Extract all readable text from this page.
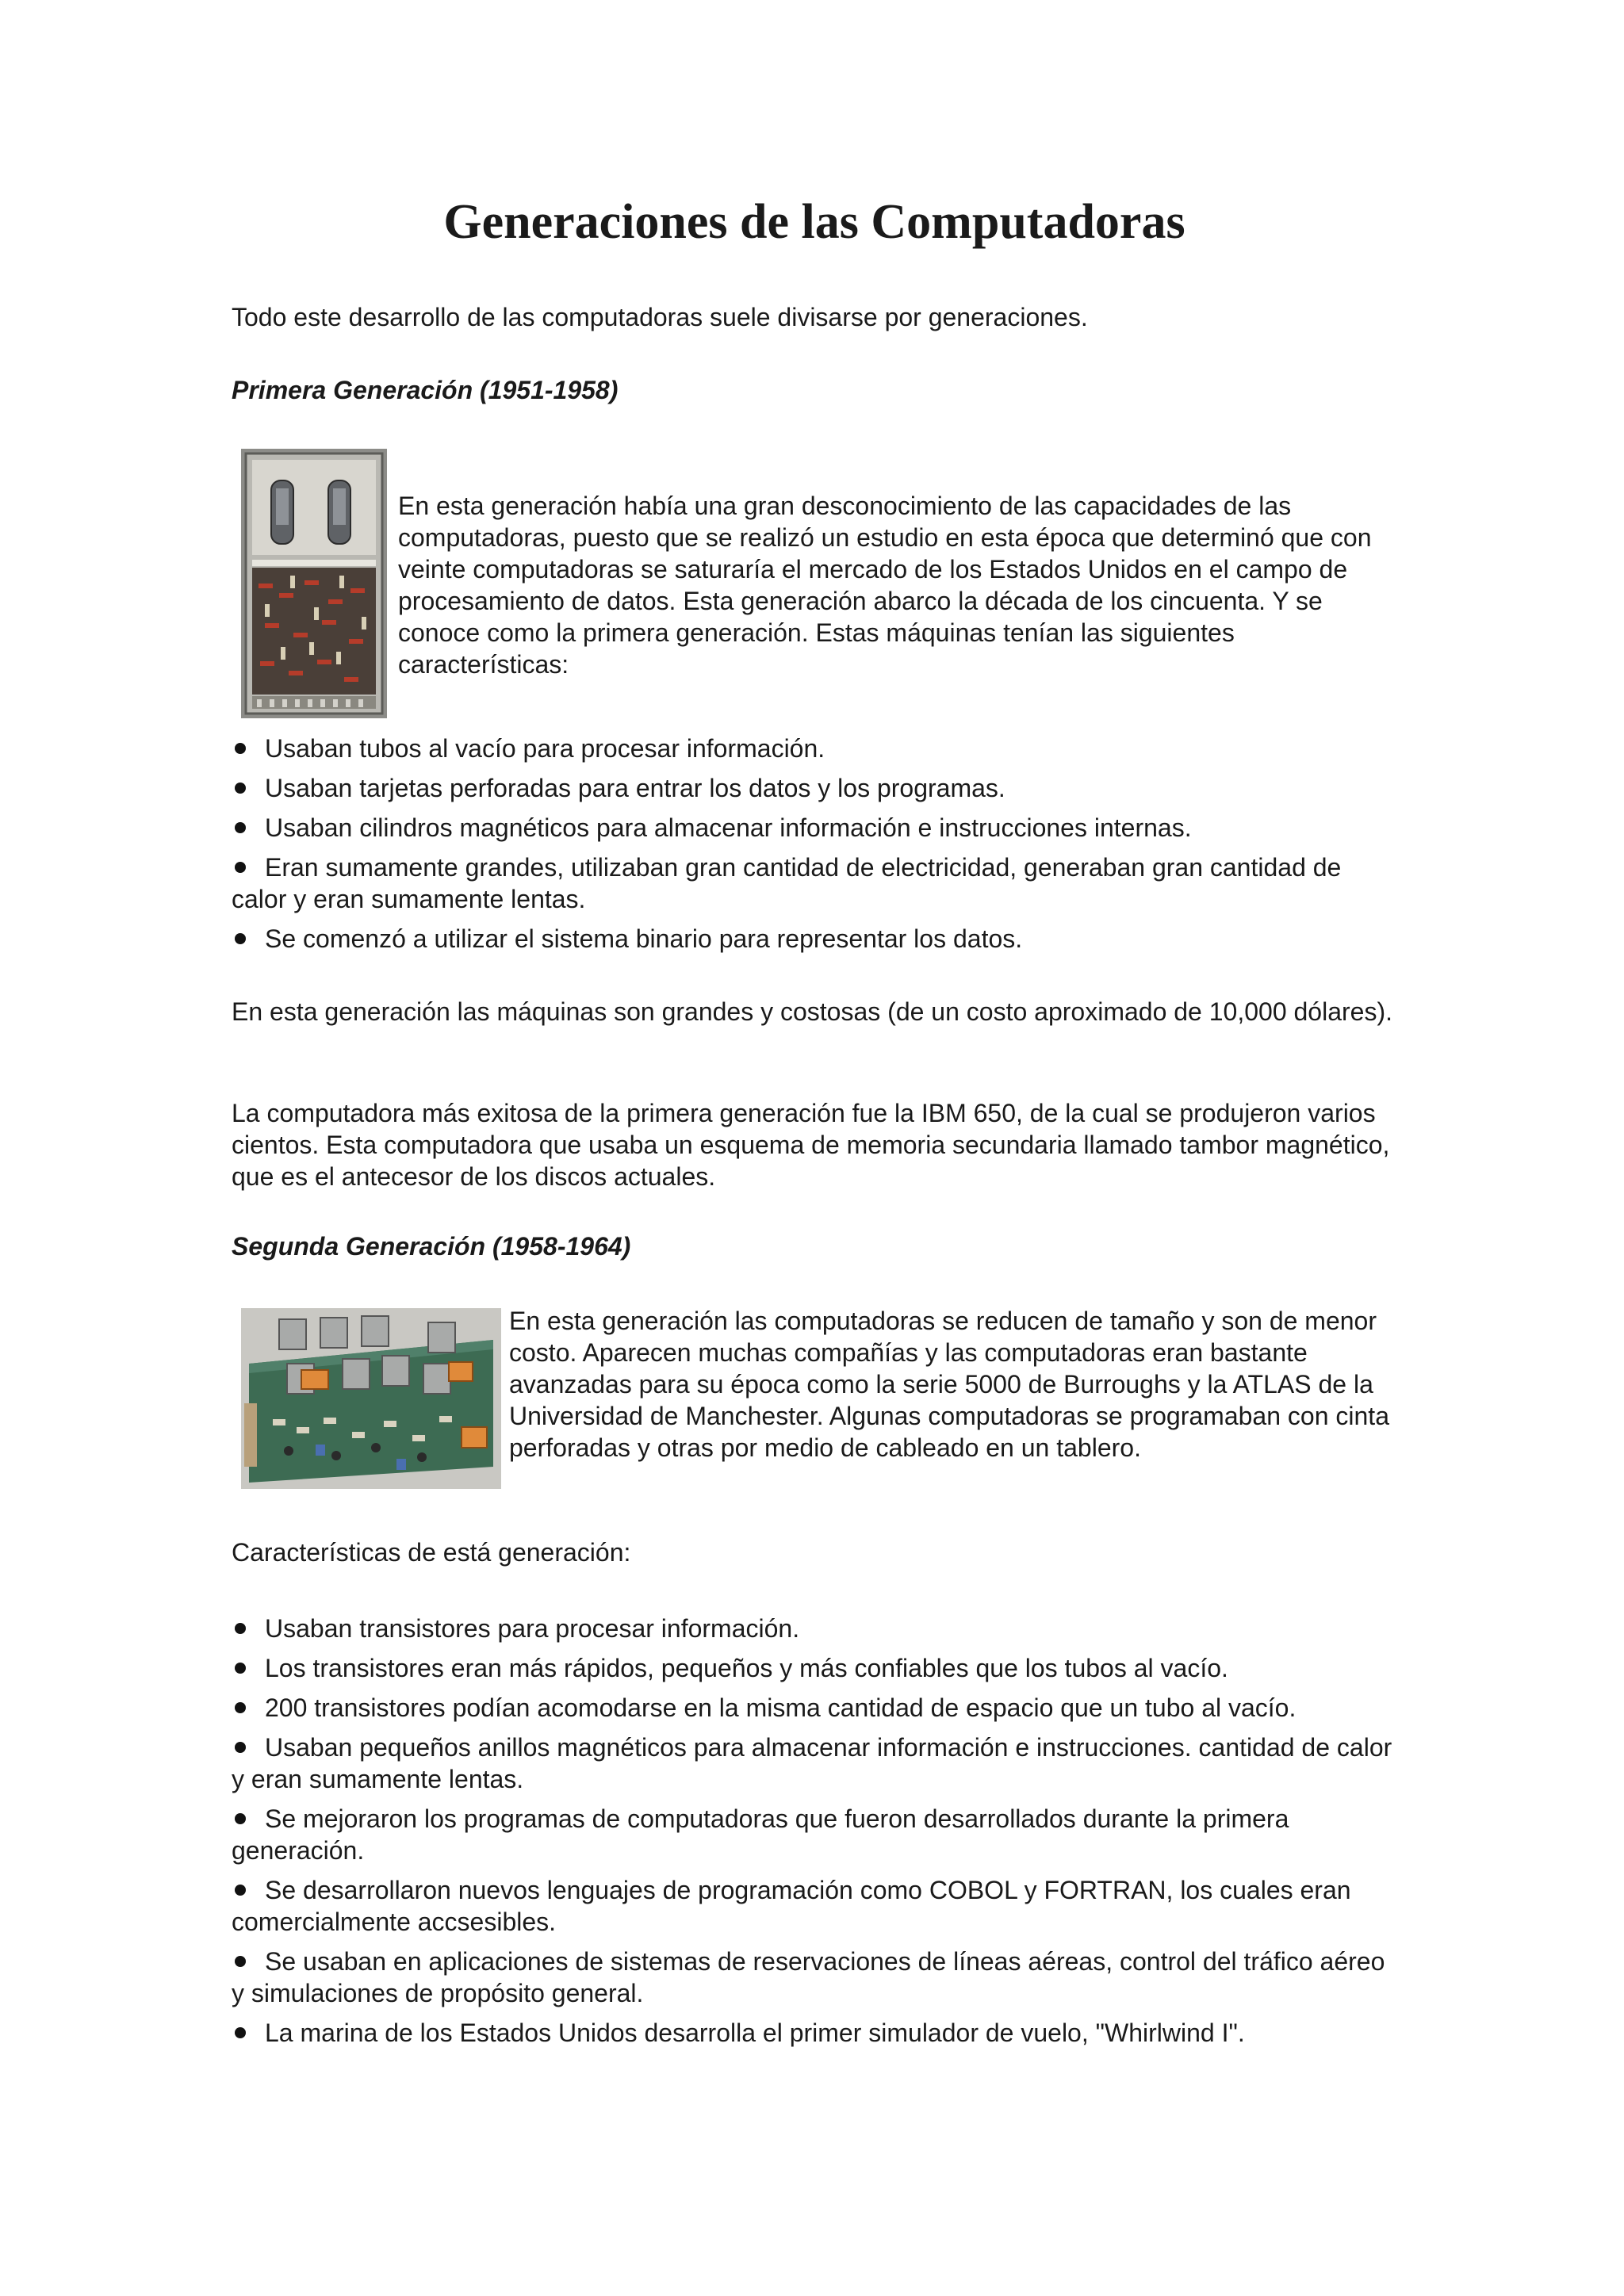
Generaciones de las Computadoras

Todo este desarrollo de las computadoras suele divisarse por generaciones.

Primera Generación (1951-1958)

En esta generación había una gran desconocimiento de las capacidades de las computadoras, puesto que se realizó un estudio en esta época que determinó que con veinte computadoras se saturaría el mercado de los Estados Unidos en el campo de procesamiento de datos. Esta generación abarco la década de los cincuenta. Y se conoce como la primera generación. Estas máquinas tenían las siguientes características:

Usaban tubos al vacío para procesar información.
Usaban tarjetas perforadas para entrar los datos y los programas.
Usaban cilindros magnéticos para almacenar información e instrucciones internas.
Eran sumamente grandes, utilizaban gran cantidad de electricidad, generaban gran cantidad de calor y eran sumamente lentas.
Se comenzó a utilizar el sistema binario para representar los datos.

En esta generación las máquinas son grandes y costosas (de un costo aproximado de 10,000 dólares).

La computadora más exitosa de la primera generación fue la IBM 650, de la cual se produjeron varios cientos. Esta computadora que usaba un esquema de memoria secundaria llamado tambor magnético, que es el antecesor de los discos actuales.

Segunda Generación (1958-1964)

En esta generación las computadoras se reducen de tamaño y son de menor costo. Aparecen muchas compañías y las computadoras eran bastante avanzadas para su época como la serie 5000 de Burroughs y la ATLAS de la Universidad de Manchester. Algunas computadoras se programaban con cinta perforadas y otras por medio de cableado en un tablero.

Características de está generación:

Usaban transistores para procesar información.
Los transistores eran más rápidos, pequeños y más confiables que los tubos al vacío.
200 transistores podían acomodarse en la misma cantidad de espacio que un tubo al vacío.
Usaban pequeños anillos magnéticos para almacenar información e instrucciones. cantidad de calor y eran sumamente lentas.
Se mejoraron los programas de computadoras que fueron desarrollados durante la primera generación.
Se desarrollaron nuevos lenguajes de programación como COBOL y FORTRAN, los cuales eran comercialmente accsesibles.
Se usaban en aplicaciones de sistemas de reservaciones de líneas aéreas, control del tráfico aéreo y simulaciones de propósito general.
La marina de los Estados Unidos desarrolla el primer simulador de vuelo, "Whirlwind I".
